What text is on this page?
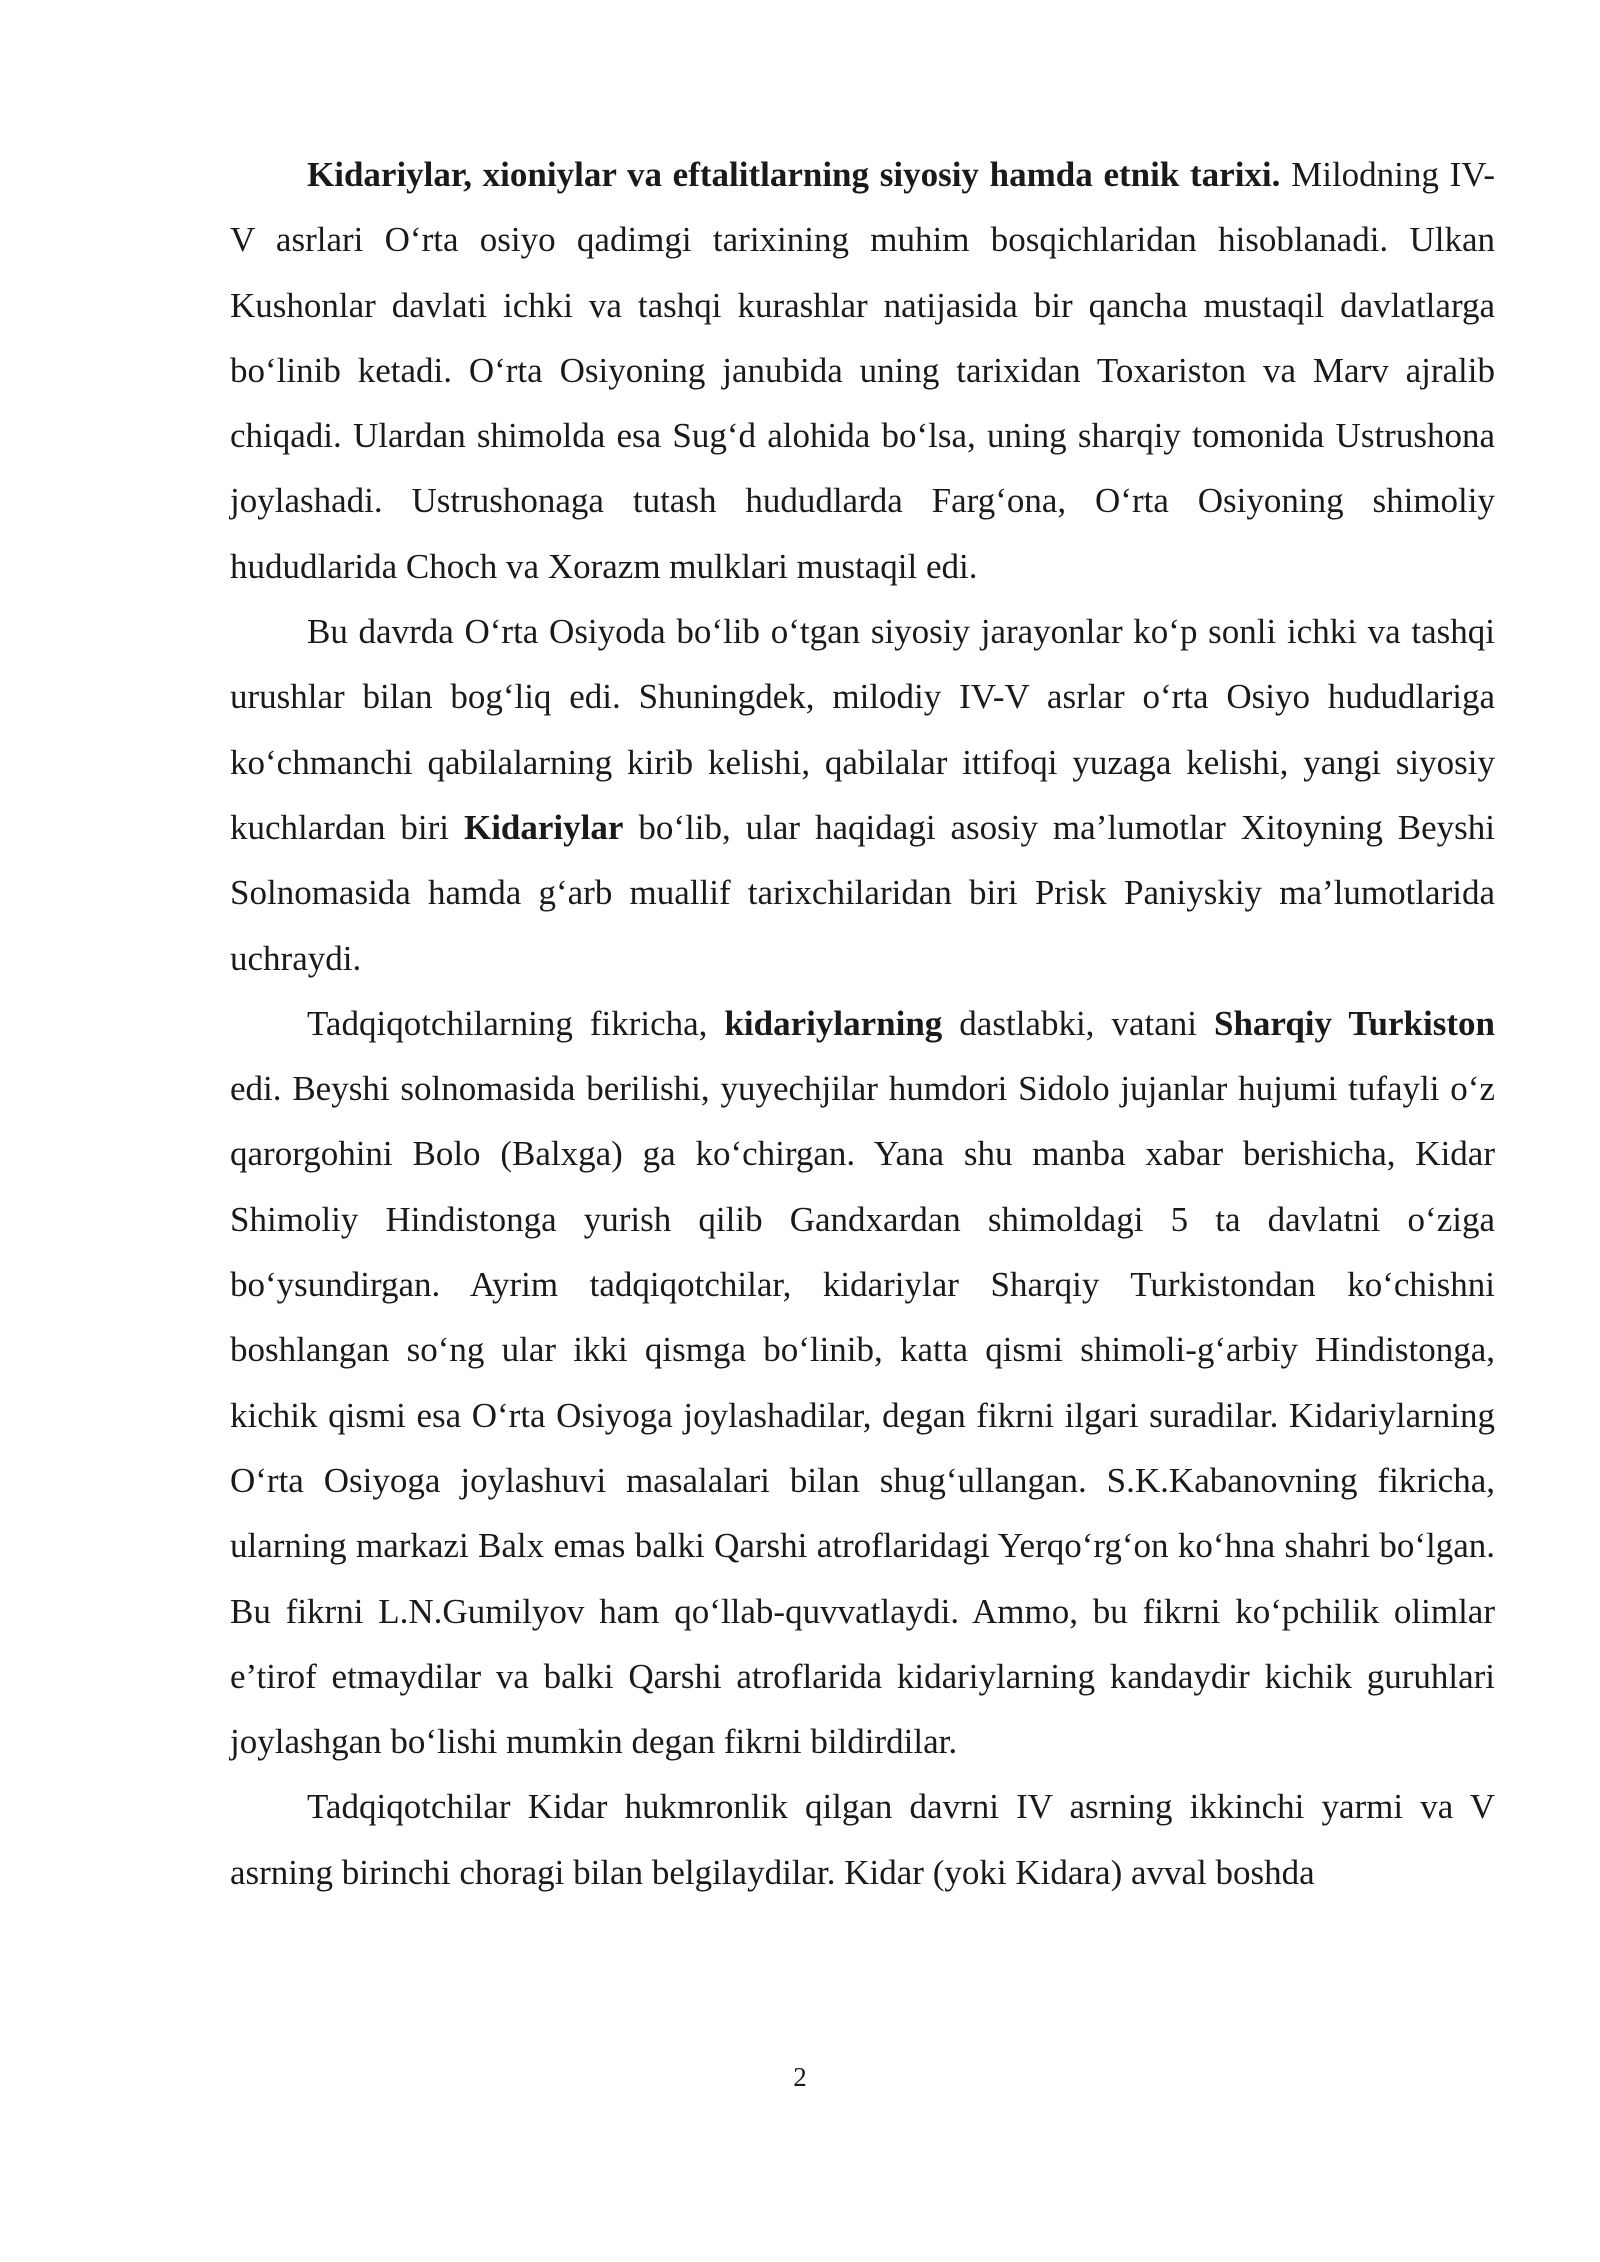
Kidariylar, xioniylar va eftalitlarning siyosiy hamda etnik tarixi. Milodning IV-V asrlari O‘rta osiyo qadimgi tarixining muhim bosqichlaridan hisoblanadi. Ulkan Kushonlar davlati ichki va tashqi kurashlar natijasida bir qancha mustaqil davlatlarga bo‘linib ketadi. O‘rta Osiyoning janubida uning tarixidan Toxariston va Marv ajralib chiqadi. Ulardan shimolda esa Sug‘d alohida bo‘lsa, uning sharqiy tomonida Ustrushona joylashadi. Ustrushonaga tutash hududlarda Farg‘ona, O‘rta Osiyoning shimoliy hududlarida Choch va Xorazm mulklari mustaqil edi.

Bu davrda O‘rta Osiyoda bo‘lib o‘tgan siyosiy jarayonlar ko‘p sonli ichki va tashqi urushlar bilan bog‘liq edi. Shuningdek, milodiy IV-V asrlar o‘rta Osiyo hududlariga ko‘chmanchi qabilalarning kirib kelishi, qabilalar ittifoqi yuzaga kelishi, yangi siyosiy kuchlardan biri Kidariylar bo‘lib, ular haqidagi asosiy ma’lumotlar Xitoyning Beyshi Solnomasida hamda g‘arb muallif tarixchilaridan biri Prisk Paniyskiy ma’lumotlarida uchraydi.

Tadqiqotchilarning fikricha, kidariylarning dastlabki, vatani Sharqiy Turkiston edi. Beyshi solnomasida berilishi, yuyechjilar humdori Sidolo jujanlar hujumi tufayli o‘z qarorgohini Bolo (Balxga) ga ko‘chirgan. Yana shu manba xabar berishicha, Kidar Shimoliy Hindistonga yurish qilib Gandxardan shimoldagi 5 ta davlatni o‘ziga bo‘ysundirgan. Ayrim tadqiqotchilar, kidariylar Sharqiy Turkistondan ko‘chishni boshlangan so‘ng ular ikki qismga bo‘linib, katta qismi shimoli-g‘arbiy Hindistonga, kichik qismi esa O‘rta Osiyoga joylashadilar, degan fikrni ilgari suradilar. Kidariylarning O‘rta Osiyoga joylashuvi masalalari bilan shug‘ullangan. S.K.Kabanovning fikricha, ularning markazi Balx emas balki Qarshi atroflaridagi Yerqo‘rg‘on ko‘hna shahri bo‘lgan. Bu fikrni L.N.Gumilyov ham qo‘llab-quvvatlaydi. Ammo, bu fikrni ko‘pchilik olimlar e’tirof etmaydilar va balki Qarshi atroflarida kidariylarning kandaydir kichik guruhlari joylashgan bo‘lishi mumkin degan fikrni bildirdilar.

Tadqiqotchilar Kidar hukmronlik qilgan davrni IV asrning ikkinchi yarmi va V asrning birinchi choragi bilan belgilaydilar. Kidar (yoki Kidara) avval boshda

2
